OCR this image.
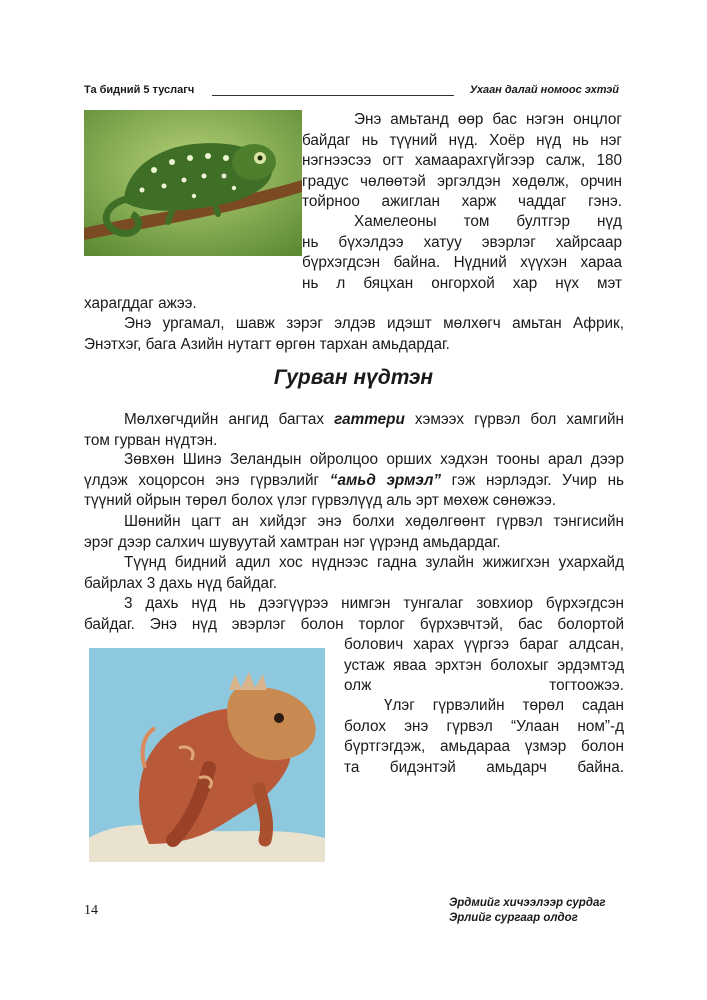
Та бидний 5 туслагч	Ухаан далай номоос эхтэй
Энэ амьтанд өөр бас нэгэн онцлог
байдаг нь түүний нүд. Хоёр нүд нь нэг
нэгнээсээ огт хамаарахгүйгээр салж, 180
градус чөлөөтэй эргэлдэн хөдөлж, орчин
тойрноо ажиглан харж чаддаг гэнэ.
Хамелеоны том бултгэр нүд
нь бүхэлдээ хатуу эвэрлэг хайрсаар
бүрхэгдсэн байна. Нүдний хүүхэн хараа
нь л бяцхан онгорхой хар нүх мэт
харагддаг ажээ.
Энэ ургамал, шавж зэрэг элдэв идэшт мөлхөгч амьтан Африк,
Энэтхэг, бага Азийн нутагт өргөн тархан амьдардаг.
Гурван нүдтэн
Мөлхөгчдийн ангид багтах гаттери хэмээх гүрвэл бол хамгийн
том гурван нүдтэн.
Зөвхөн Шинэ Зеландын ойролцоо орших хэдхэн тооны арал дээр
үлдэж хоцорсон энэ гүрвэлийг “амьд эрмэл” гэж нэрлэдэг. Учир нь
түүний ойрын төрөл болох үлэг гүрвэлүүд аль эрт мөхөж сөнөжээ.
Шөнийн цагт ан хийдэг энэ болхи хөдөлгөөнт гүрвэл тэнгисийн
эрэг дээр салхич шувуутай хамтран нэг үүрэнд амьдардаг.
Түүнд бидний адил хос нүднээс гадна зулайн жижигхэн ухархайд
байрлах 3 дахь нүд байдаг.
3 дахь нүд нь дээгүүрээ нимгэн тунгалаг зовхиор бүрхэгдсэн
байдаг. Энэ нүд эвэрлэг болон торлог бүрхэвчтэй, бас болортой
болович харах үүргээ бараг алдсан,
устаж яваа эрхтэн болохыг эрдэмтэд
олж тогтоожээ.
Үлэг гүрвэлийн төрөл садан
болох энэ гүрвэл “Улаан ном”-д
бүртгэгдэж, амьдараа үзмэр болон
та бидэнтэй амьдарч байна.
14	Эрдмийг хичээлээр сурдаг
Эрлийг сургаар олдог
